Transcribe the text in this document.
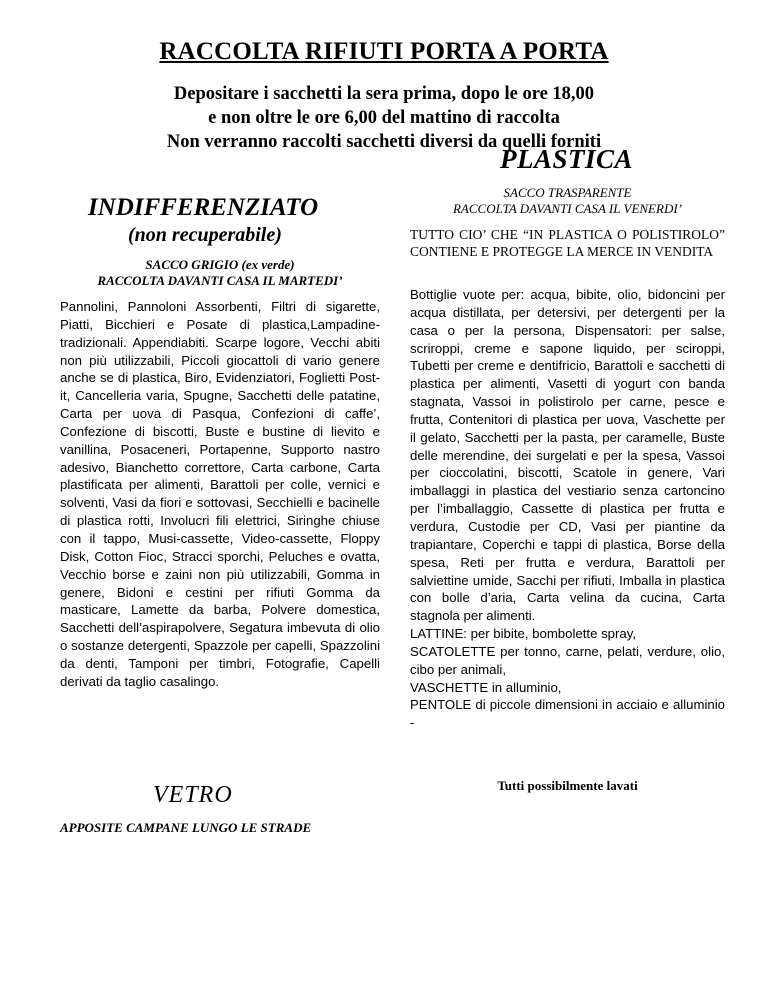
RACCOLTA RIFIUTI PORTA A PORTA
Depositare i sacchetti la sera prima, dopo le ore 18,00
e non oltre le ore 6,00 del mattino di raccolta
Non verranno raccolti sacchetti diversi da quelli forniti
PLASTICA
INDIFFERENZIATO
(non recuperabile)
SACCO GRIGIO (ex verde)
RACCOLTA DAVANTI CASA IL MARTEDI’

Pannolini, Pannoloni Assorbenti, Filtri di sigarette, Piatti, Bicchieri e Posate di plastica,Lampadine-tradizionali. Appendiabiti. Scarpe logore, Vecchi abiti non più utilizzabili, Piccoli giocattoli di vario genere anche se di plastica, Biro, Evidenziatori, Foglietti Post-it, Cancelleria varia, Spugne, Sacchetti delle patatine, Carta per uova di Pasqua, Confezioni di caffe’, Confezione di biscotti, Buste e bustine di lievito e vanillina, Posaceneri, Portapenne, Supporto nastro adesivo, Bianchetto correttore, Carta carbone, Carta plastificata per alimenti, Barattoli per colle, vernici e solventi, Vasi da fiori e sottovasi, Secchielli e bacinelle di plastica rotti, Involucri fili elettrici, Siringhe chiuse con il tappo, Musi-cassette, Video-cassette, Floppy Disk, Cotton Fioc, Stracci sporchi, Peluches e ovatta, Vecchio borse e zaini non più utilizzabili, Gomma in genere, Bidoni e cestini per rifiuti Gomma da masticare, Lamette da barba, Polvere domestica, Sacchetti dell’aspirapolvere, Segatura imbevuta di olio o sostanze detergenti, Spazzole per capelli, Spazzolini da denti, Tamponi per timbri, Fotografie, Capelli derivati da taglio casalingo.

VETRO
APPOSITE CAMPANE LUNGO LE STRADE
SACCO TRASPARENTE
RACCOLTA DAVANTI CASA IL VENERDI’

TUTTO CIO’ CHE “IN PLASTICA O POLISTIROLO” CONTIENE E PROTEGGE LA MERCE IN VENDITA

Bottiglie vuote per: acqua, bibite, olio, bidoncini per acqua distillata, per detersivi, per detergenti per la casa o per la persona, Dispensatori: per salse, scriroppi, creme e sapone liquido, per sciroppi, Tubetti per creme e dentifricio, Barattoli e sacchetti di plastica per alimenti, Vasetti di yogurt con banda stagnata, Vassoi in polistirolo per carne, pesce e frutta, Contenitori di plastica per uova, Vaschette per il gelato, Sacchetti per la pasta, per caramelle, Buste delle merendine, dei surgelati e per la spesa, Vassoi per cioccolatini, biscotti, Scatole in genere, Vari imballaggi in plastica del vestiario senza cartoncino per l’imballaggio, Cassette di plastica per frutta e verdura, Custodie per CD, Vasi per piantine da trapiantare, Coperchi e tappi di plastica, Borse della spesa, Reti per frutta e verdura, Barattoli per salviettine umide, Sacchi per rifiuti, Imballa in plastica con bolle d’aria, Carta velina da cucina, Carta stagnola per alimenti.
LATTINE: per bibite, bombolette spray,
SCATOLETTE per tonno, carne, pelati, verdure, olio, cibo per animali,
VASCHETTE in alluminio,
PENTOLE di piccole dimensioni in acciaio e alluminio -
Tutti possibilmente lavati
